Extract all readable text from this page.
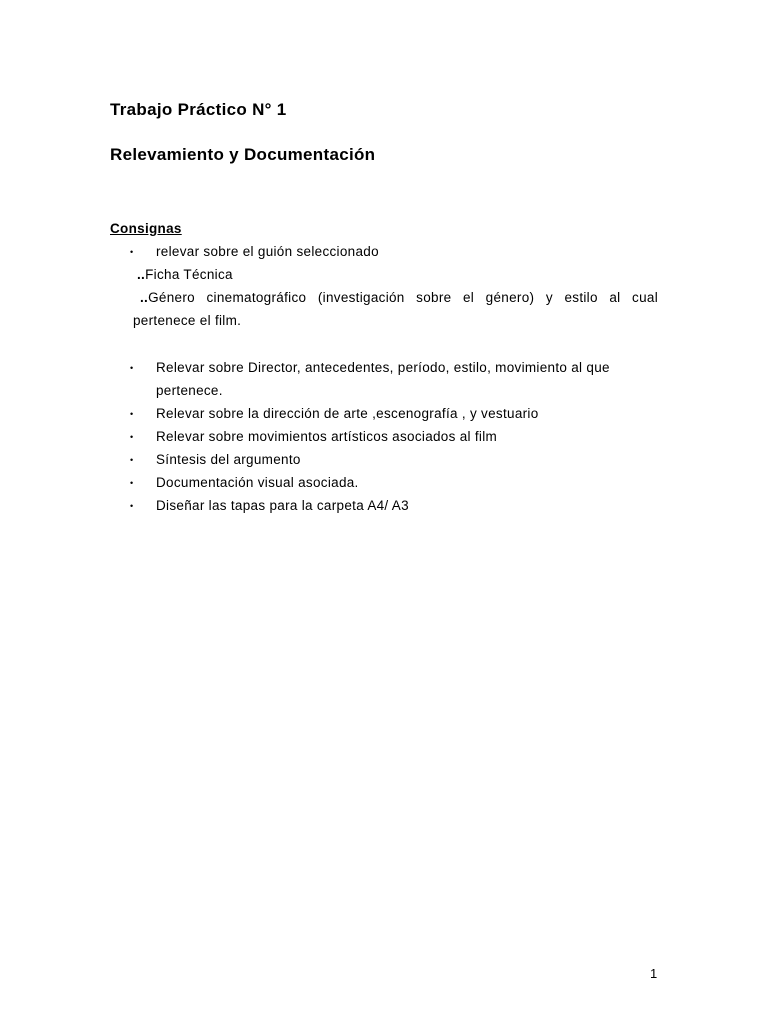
Trabajo Práctico N° 1
Relevamiento y Documentación
Consignas
• relevar sobre el guión seleccionado
..Ficha Técnica
..Género cinematográfico (investigación sobre el género) y estilo al cual
pertenece el film.
• Relevar sobre Director, antecedentes, período, estilo, movimiento al que
pertenece.
• Relevar sobre la dirección de arte ,escenografía , y vestuario
• Relevar sobre movimientos artísticos asociados al film
• Síntesis del argumento
• Documentación visual asociada.
• Diseñar las tapas para la carpeta A4/ A3
1
